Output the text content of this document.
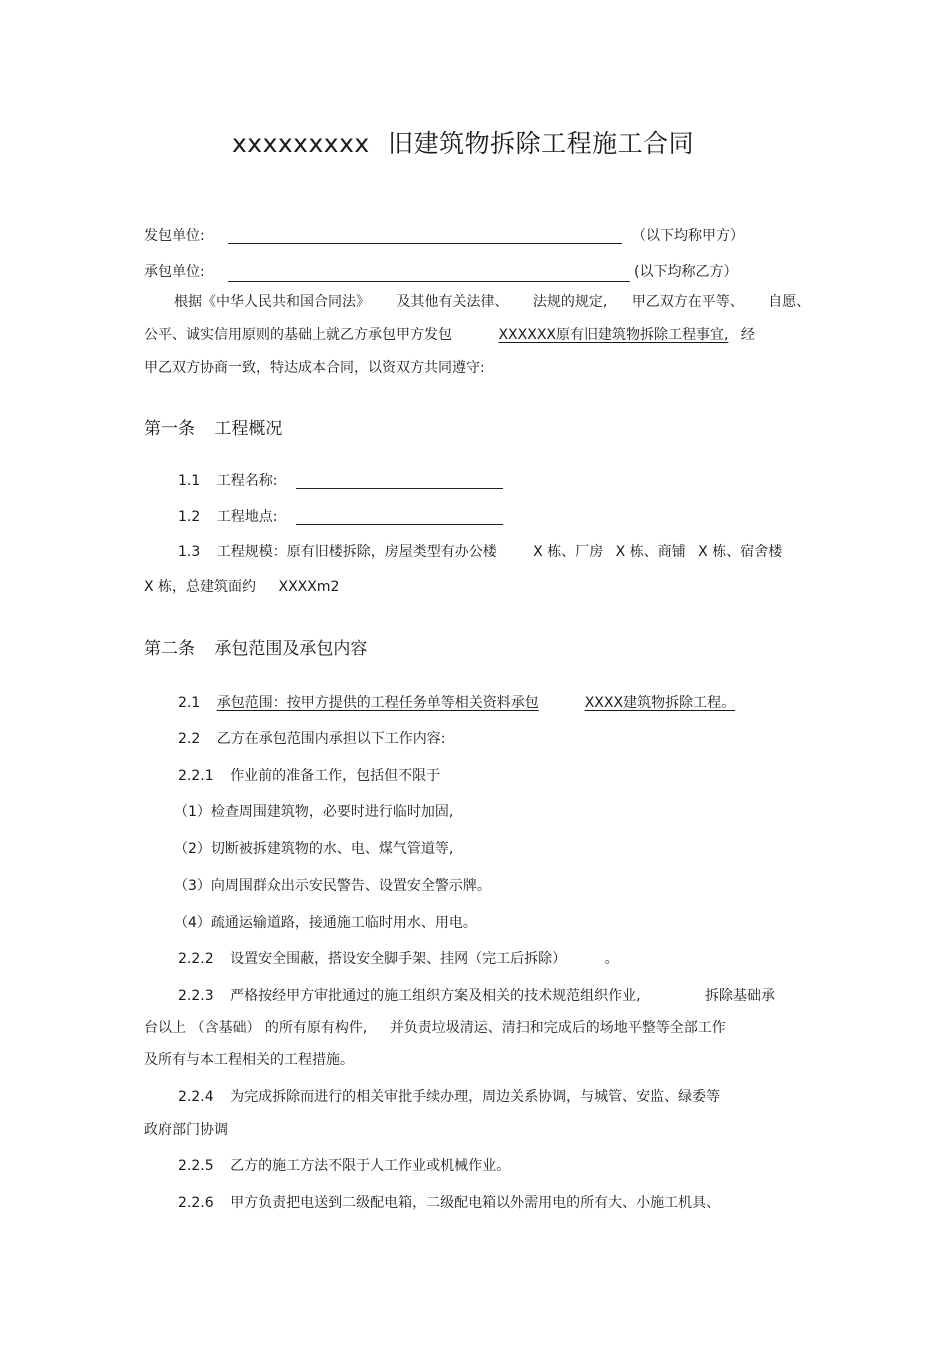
xxxxxxxxx 旧建筑物拆除工程施工合同
发包单位:	（以下均称甲方）
承包单位:	(以下均称乙方）
根据《中华人民共和国合同法》 及其他有关法律、 法规的规定, 甲乙双方在平等、 自愿、
公平、诚实信用原则的基础上就乙方承包甲方发包	XXXXXX原有旧建筑物拆除工程事宜, 经
甲乙双方协商一致，特达成本合同，以资双方共同遵守:
第一条 工程概况
1.1 工程名称:
1.2 工程地点:
1.3 工程规模：原有旧楼拆除，房屋类型有办公楼	X 栋、厂房 X 栋、商铺 X 栋、宿舍楼
X 栋，总建筑面约 XXXXm2
第二条 承包范围及承包内容
2.1 承包范围：按甲方提供的工程任务单等相关资料承包	XXXX建筑物拆除工程。
2.2 乙方在承包范围内承担以下工作内容:
2.2.1 作业前的准备工作，包括但不限于
（1）检查周围建筑物，必要时进行临时加固,
（2）切断被拆建筑物的水、电、煤气管道等,
（3）向周围群众出示安民警告、设置安全警示牌。
（4）疏通运输道路，接通施工临时用水、用电。
2.2.2 设置安全围蔽，搭设安全脚手架、挂网（完工后拆除）	。
2.2.3 严格按经甲方审批通过的施工组织方案及相关的技术规范组织作业,	拆除基础承
台以上 （含基础） 的所有原有构件, 并负责垃圾清运、清扫和完成后的场地平整等全部工作
及所有与本工程相关的工程措施。
2.2.4 为完成拆除而进行的相关审批手续办理，周边关系协调，与城管、安监、绿委等
政府部门协调
2.2.5 乙方的施工方法不限于人工作业或机械作业。
2.2.6 甲方负责把电送到二级配电箱，二级配电箱以外需用电的所有大、小施工机具、
